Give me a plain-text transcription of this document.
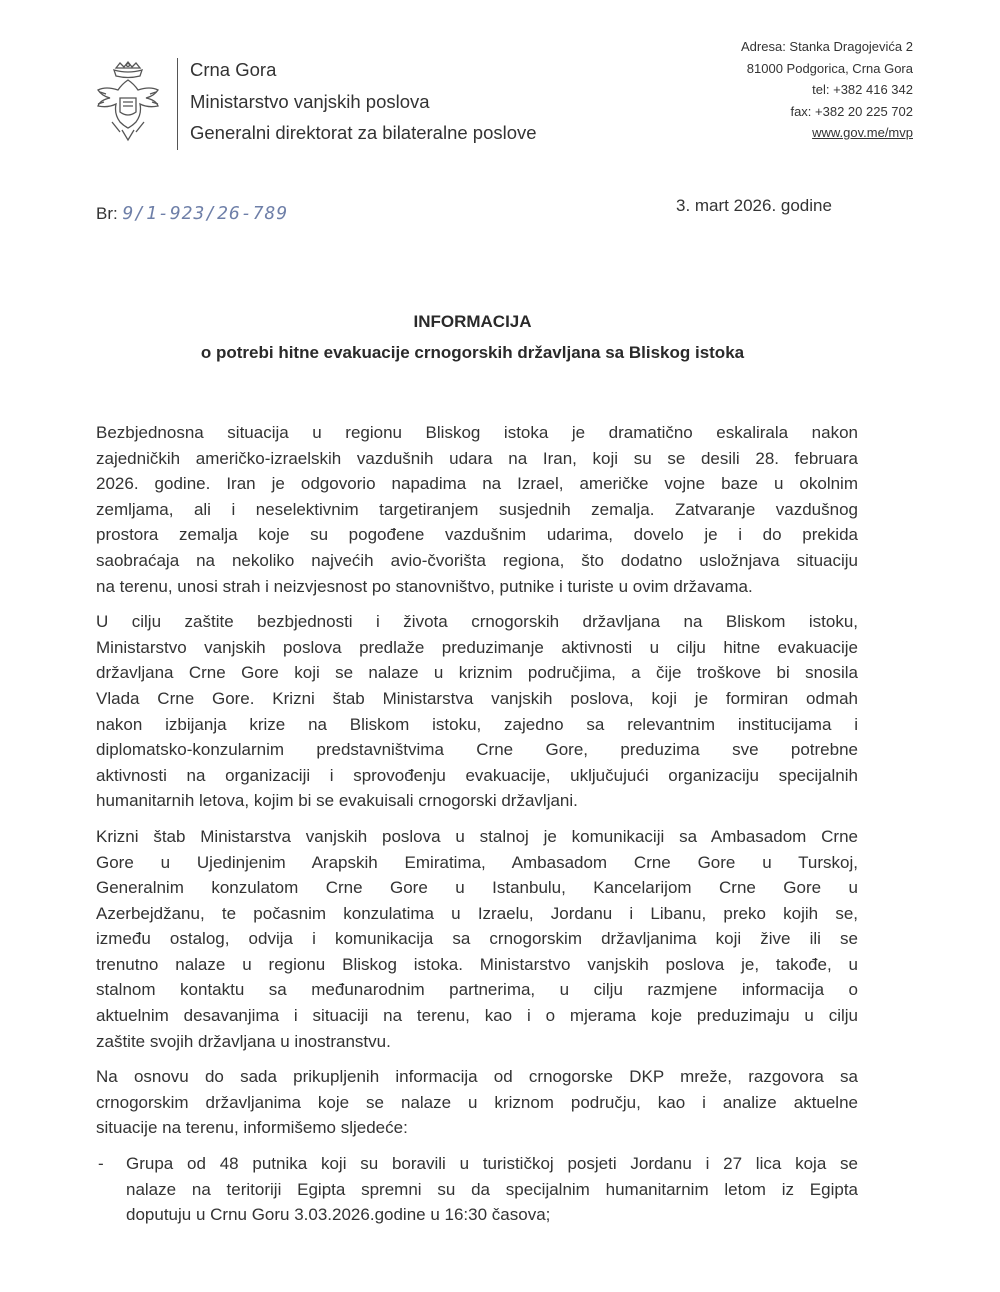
Crna Gora
Ministarstvo vanjskih poslova
Generalni direktorat za bilateralne poslove
Adresa: Stanka Dragojevića 2
81000 Podgorica, Crna Gora
tel: +382 416 342
fax: +382 20 225 702
www.gov.me/mvp
Br: 9/1-923/26-789	3. mart 2026. godine
INFORMACIJA
o potrebi hitne evakuacije crnogorskih državljana sa Bliskog istoka
Bezbjednosna situacija u regionu Bliskog istoka je dramatično eskalirala nakon
zajedničkih američko-izraelskih vazdušnih udara na Iran, koji su se desili 28. februara
2026. godine. Iran je odgovorio napadima na Izrael, američke vojne baze u okolnim
zemljama, ali i neselektivnim targetiranjem susjednih zemalja. Zatvaranje vazdušnog
prostora zemalja koje su pogođene vazdušnim udarima, dovelo je i do prekida
saobraćaja na nekoliko najvećih avio-čvorišta regiona, što dodatno usložnjava situaciju
na terenu, unosi strah i neizvjesnost po stanovništvo, putnike i turiste u ovim državama.
U cilju zaštite bezbjednosti i života crnogorskih državljana na Bliskom istoku,
Ministarstvo vanjskih poslova predlaže preduzimanje aktivnosti u cilju hitne evakuacije
državljana Crne Gore koji se nalaze u kriznim područjima, a čije troškove bi snosila
Vlada Crne Gore. Krizni štab Ministarstva vanjskih poslova, koji je formiran odmah
nakon izbijanja krize na Bliskom istoku, zajedno sa relevantnim institucijama i
diplomatsko-konzularnim predstavništvima Crne Gore, preduzima sve potrebne
aktivnosti na organizaciji i sprovođenju evakuacije, uključujući organizaciju specijalnih
humanitarnih letova, kojim bi se evakuisali crnogorski državljani.
Krizni štab Ministarstva vanjskih poslova u stalnoj je komunikaciji sa Ambasadom Crne
Gore u Ujedinjenim Arapskih Emiratima, Ambasadom Crne Gore u Turskoj,
Generalnim konzulatom Crne Gore u Istanbulu, Kancelarijom Crne Gore u
Azerbejdžanu, te počasnim konzulatima u Izraelu, Jordanu i Libanu, preko kojih se,
između ostalog, odvija i komunikacija sa crnogorskim državljanima koji žive ili se
trenutno nalaze u regionu Bliskog istoka. Ministarstvo vanjskih poslova je, takođe, u
stalnom kontaktu sa međunarodnim partnerima, u cilju razmjene informacija o
aktuelnim desavanjima i situaciji na terenu, kao i o mjerama koje preduzimaju u cilju
zaštite svojih državljana u inostranstvu.
Na osnovu do sada prikupljenih informacija od crnogorske DKP mreže, razgovora sa
crnogorskim državljanima koje se nalaze u kriznom području, kao i analize aktuelne
situacije na terenu, informišemo sljedeće:
- Grupa od 48 putnika koji su boravili u turističkoj posjeti Jordanu i 27 lica koja se
nalaze na teritoriji Egipta spremni su da specijalnim humanitarnim letom iz Egipta
doputuju u Crnu Goru 3.03.2026.godine u 16:30 časova;
